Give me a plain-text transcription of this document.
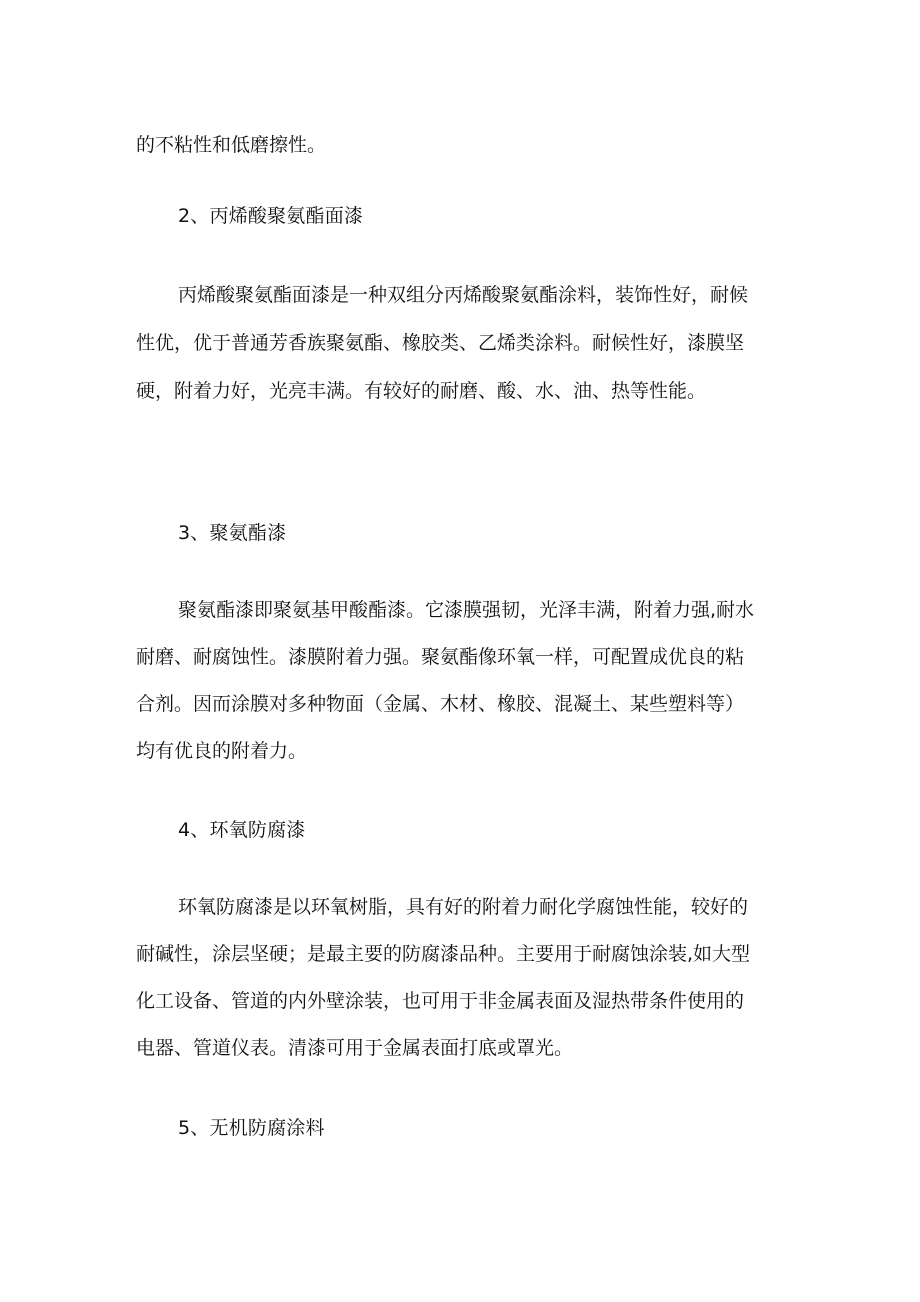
的不粘性和低磨擦性。

2、丙烯酸聚氨酯面漆

丙烯酸聚氨酯面漆是一种双组分丙烯酸聚氨酯涂料，装饰性好，耐候

性优，优于普通芳香族聚氨酯、橡胶类、乙烯类涂料。耐候性好，漆膜坚

硬，附着力好，光亮丰满。有较好的耐磨、酸、水、油、热等性能。

3、聚氨酯漆

聚氨酯漆即聚氨基甲酸酯漆。它漆膜强韧，光泽丰满，附着力强,耐水

耐磨、耐腐蚀性。漆膜附着力强。聚氨酯像环氧一样，可配置成优良的粘

合剂。因而涂膜对多种物面（金属、木材、橡胶、混凝土、某些塑料等）

均有优良的附着力。

4、环氧防腐漆

环氧防腐漆是以环氧树脂，具有好的附着力耐化学腐蚀性能，较好的

耐碱性，涂层坚硬；是最主要的防腐漆品种。主要用于耐腐蚀涂装,如大型

化工设备、管道的内外壁涂装，也可用于非金属表面及湿热带条件使用的

电器、管道仪表。清漆可用于金属表面打底或罩光。

5、无机防腐涂料
